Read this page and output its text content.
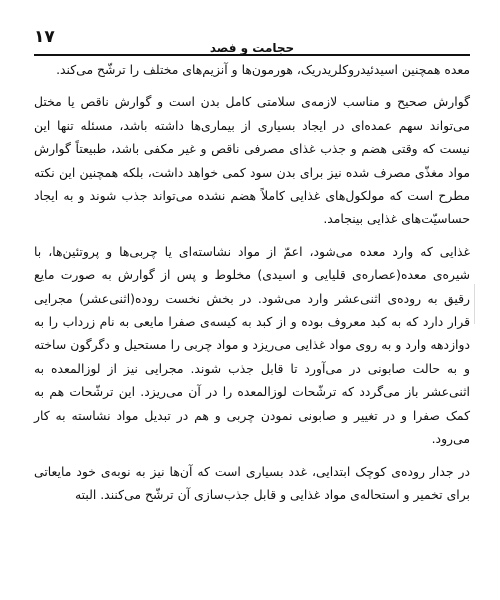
۱۷
حجامت و فصد

معده همچنین اسیدئیدروکلریدریک، هورمون‌ها و آنزیم‌های مختلف را ترشّح می‌کند.

گوارش صحیح و مناسب لازمه‌ی سلامتی کامل بدن است و گوارش ناقص یا مختل می‌تواند سهم عمده‌ای در ایجاد بسیاری از بیماری‌ها داشته باشد، مسئله تنها این نیست که وقتی هضم و جذب غذای مصرفی ناقص و غیر مکفی باشد، طبیعتاً گوارش مواد مغذّی مصرف شده نیز برای بدن سود کمی خواهد داشت، بلکه همچنین این نکته مطرح است که مولکول‌های غذایی کاملاً هضم نشده می‌تواند جذب شوند و به ایجاد حساسیّت‌های غذایی بینجامد.

غذایی که وارد معده می‌شود، اعمّ از مواد نشاسته‌ای یا چربی‌ها و پروتئین‌ها، با شیره‌ی معده(عصاره‌ی قلیایی و اسیدی) مخلوط و پس از گوارش به صورت مایع رقیق به روده‌ی اثنی‌عشر وارد می‌شود. در بخش نخست روده(اثنی‌عشر) مجرایی قرار دارد که به کبد معروف بوده و از کبد به کیسه‌ی صفرا مایعی به نام زرداب را به دوازدهه وارد و به روی مواد غذایی می‌ریزد و مواد چربی را مستحیل و دگرگون ساخته و به حالت صابونی در می‌آورد تا قابل جذب شوند. مجرایی نیز از لوزالمعده به اثنی‌عشر باز می‌گردد که ترشّحات لوزالمعده را در آن می‌ریزد. این ترشّحات هم به کمک صفرا و در تغییر و صابونی نمودن چربی و هم در تبدیل مواد نشاسته به کار می‌رود.

در جدار روده‌ی کوچک ابتدایی، غدد بسیاری است که آن‌ها نیز به نوبه‌ی خود مایعاتی برای تخمیر و استحاله‌ی مواد غذایی و قابل جذب‌سازی آن ترشّح می‌کنند. البته
